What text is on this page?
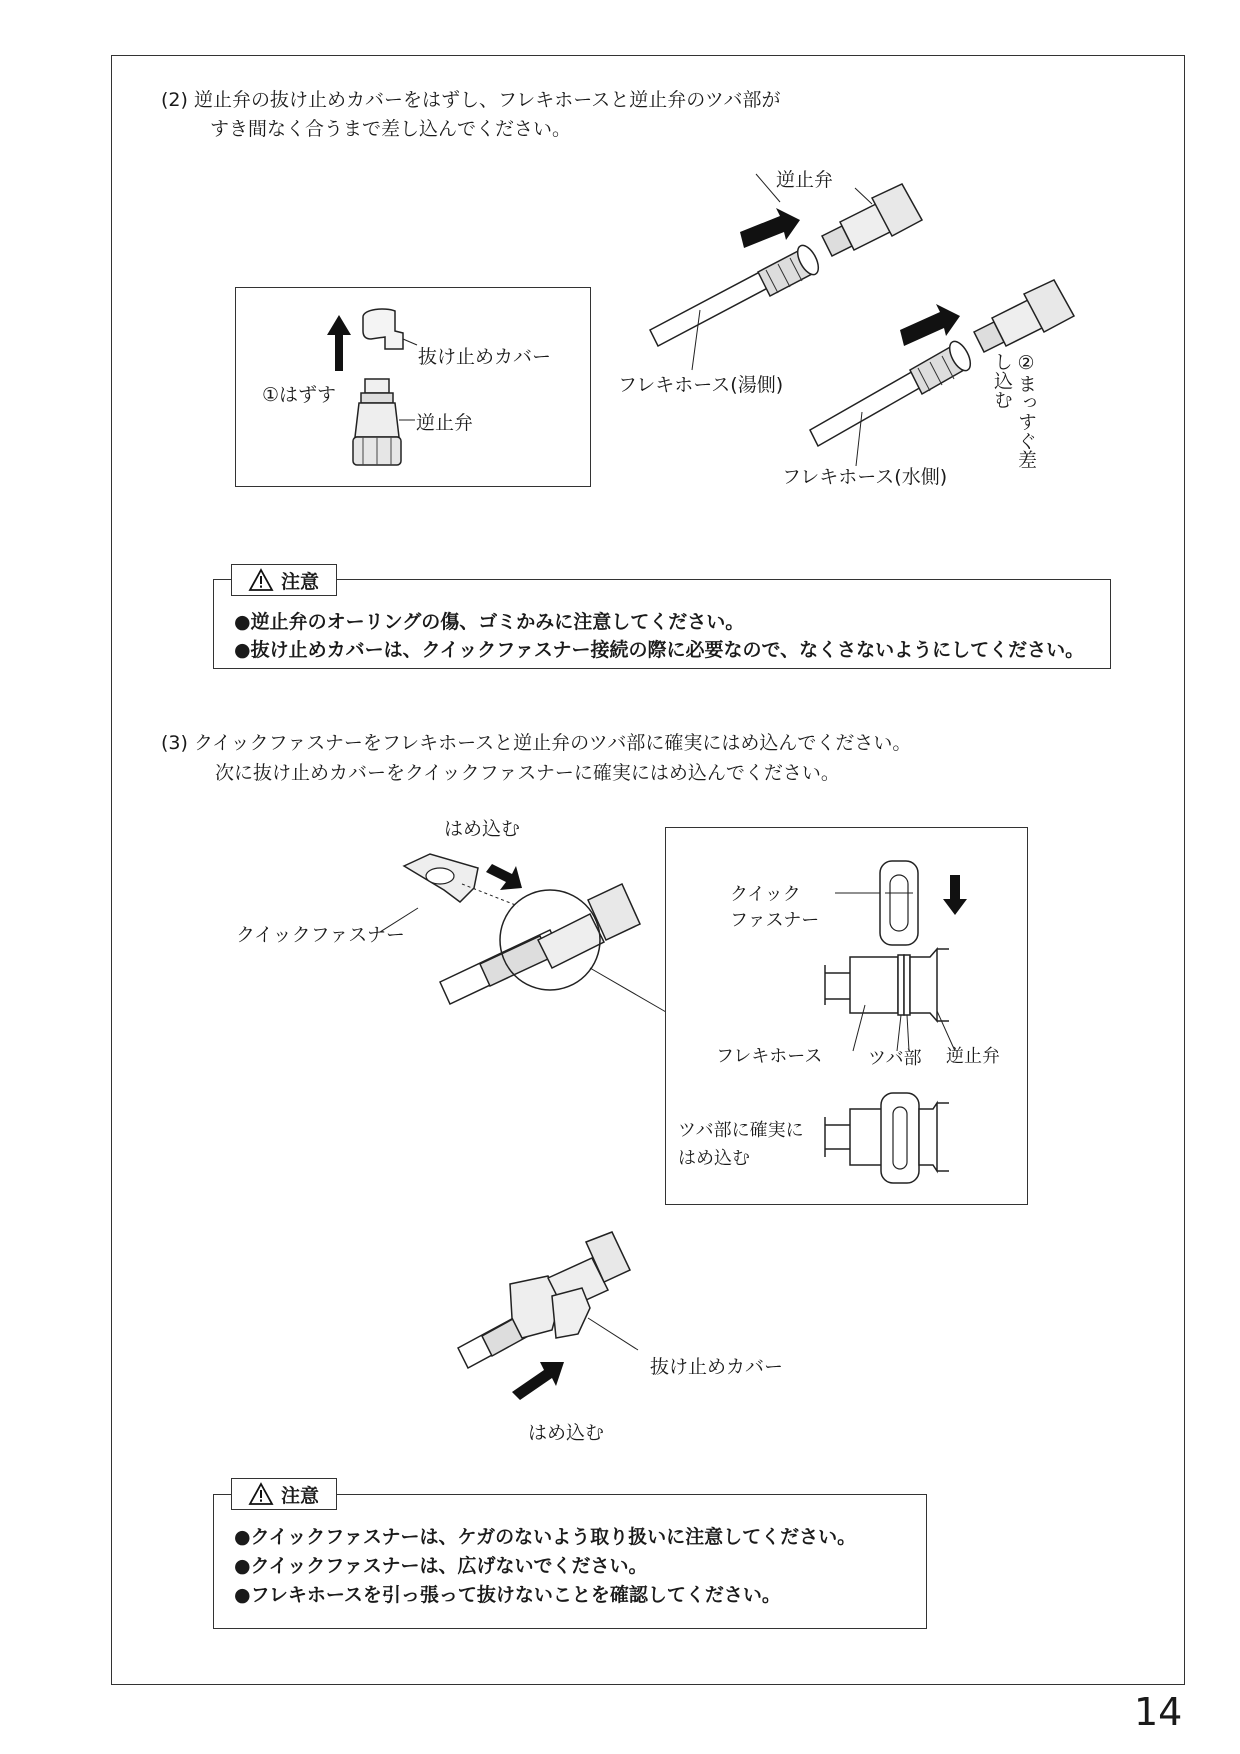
(2) 逆止弁の抜け止めカバーをはずし、フレキホースと逆止弁のツバ部が
すき間なく合うまで差し込んでください。
①はずす
抜け止めカバー
逆止弁
逆止弁
フレキホース(湯側)
フレキホース(水側)
②まっすぐ差し込む
注意
●逆止弁のオーリングの傷、ゴミかみに注意してください。
●抜け止めカバーは、クイックファスナー接続の際に必要なので、なくさないようにしてください。
(3) クイックファスナーをフレキホースと逆止弁のツバ部に確実にはめ込んでください。
次に抜け止めカバーをクイックファスナーに確実にはめ込んでください。
はめ込む
クイックファスナー
クイック
ファスナー
フレキホース	ツバ部 逆止弁
ツバ部に確実に
はめ込む
抜け止めカバー
はめ込む
注意
●クイックファスナーは、ケガのないよう取り扱いに注意してください。
●クイックファスナーは、広げないでください。
●フレキホースを引っ張って抜けないことを確認してください。
14
